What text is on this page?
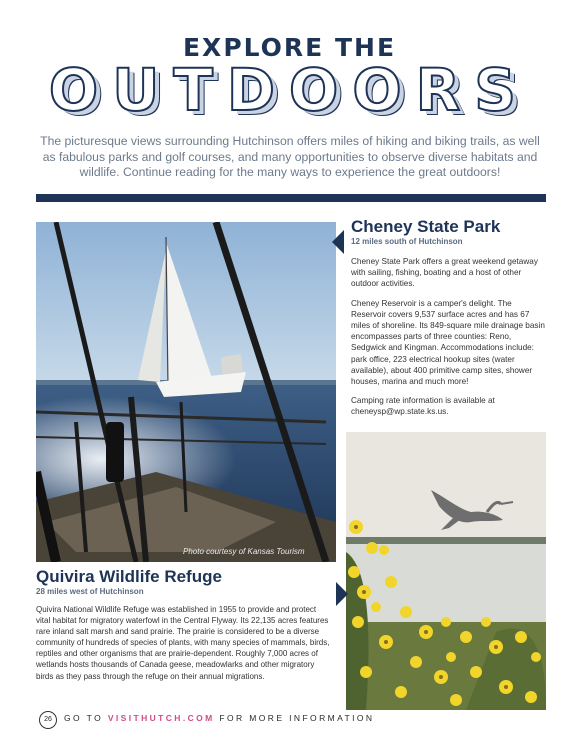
EXPLORE THE
OUTDOORS
The picturesque views surrounding Hutchinson offers miles of hiking and biking trails, as well as fabulous parks and golf courses, and many opportunities to observe diverse habitats and wildlife. Continue reading for the many ways to experience the great outdoors!
Photo courtesy of Kansas Tourism
Cheney State Park
12 miles south of Hutchinson

Cheney State Park offers a great weekend getaway with sailing, fishing, boating and a host of other outdoor activities.

Cheney Reservoir is a camper's delight. The Reservoir covers 9,537 surface acres and has 67 miles of shoreline. Its 849-square mile drainage basin encompasses parts of three counties: Reno, Sedgwick and Kingman. Accommodations include: park office, 223 electrical hookup sites (water available), about 400 primitive camp sites, shower houses, marina and much more!

Camping rate information is available at cheneysp@wp.state.ks.us.

Quivira Wildlife Refuge
28 miles west of Hutchinson
Quivira National Wildlife Refuge was established in 1955 to provide and protect vital habitat for migratory waterfowl in the Central Flyway. Its 22,135 acres features rare inland salt marsh and sand prairie. The prairie is considered to be a diverse community of hundreds of species of plants, with many species of mammals, birds, reptiles and other organisms that are prairie-dependent. Roughly 7,000 acres of wetlands hosts thousands of Canada geese, meadowlarks and other migratory birds as they pass through the refuge on their annual migrations.
26	GO TO VISITHUTCH.COM FOR MORE INFORMATION
